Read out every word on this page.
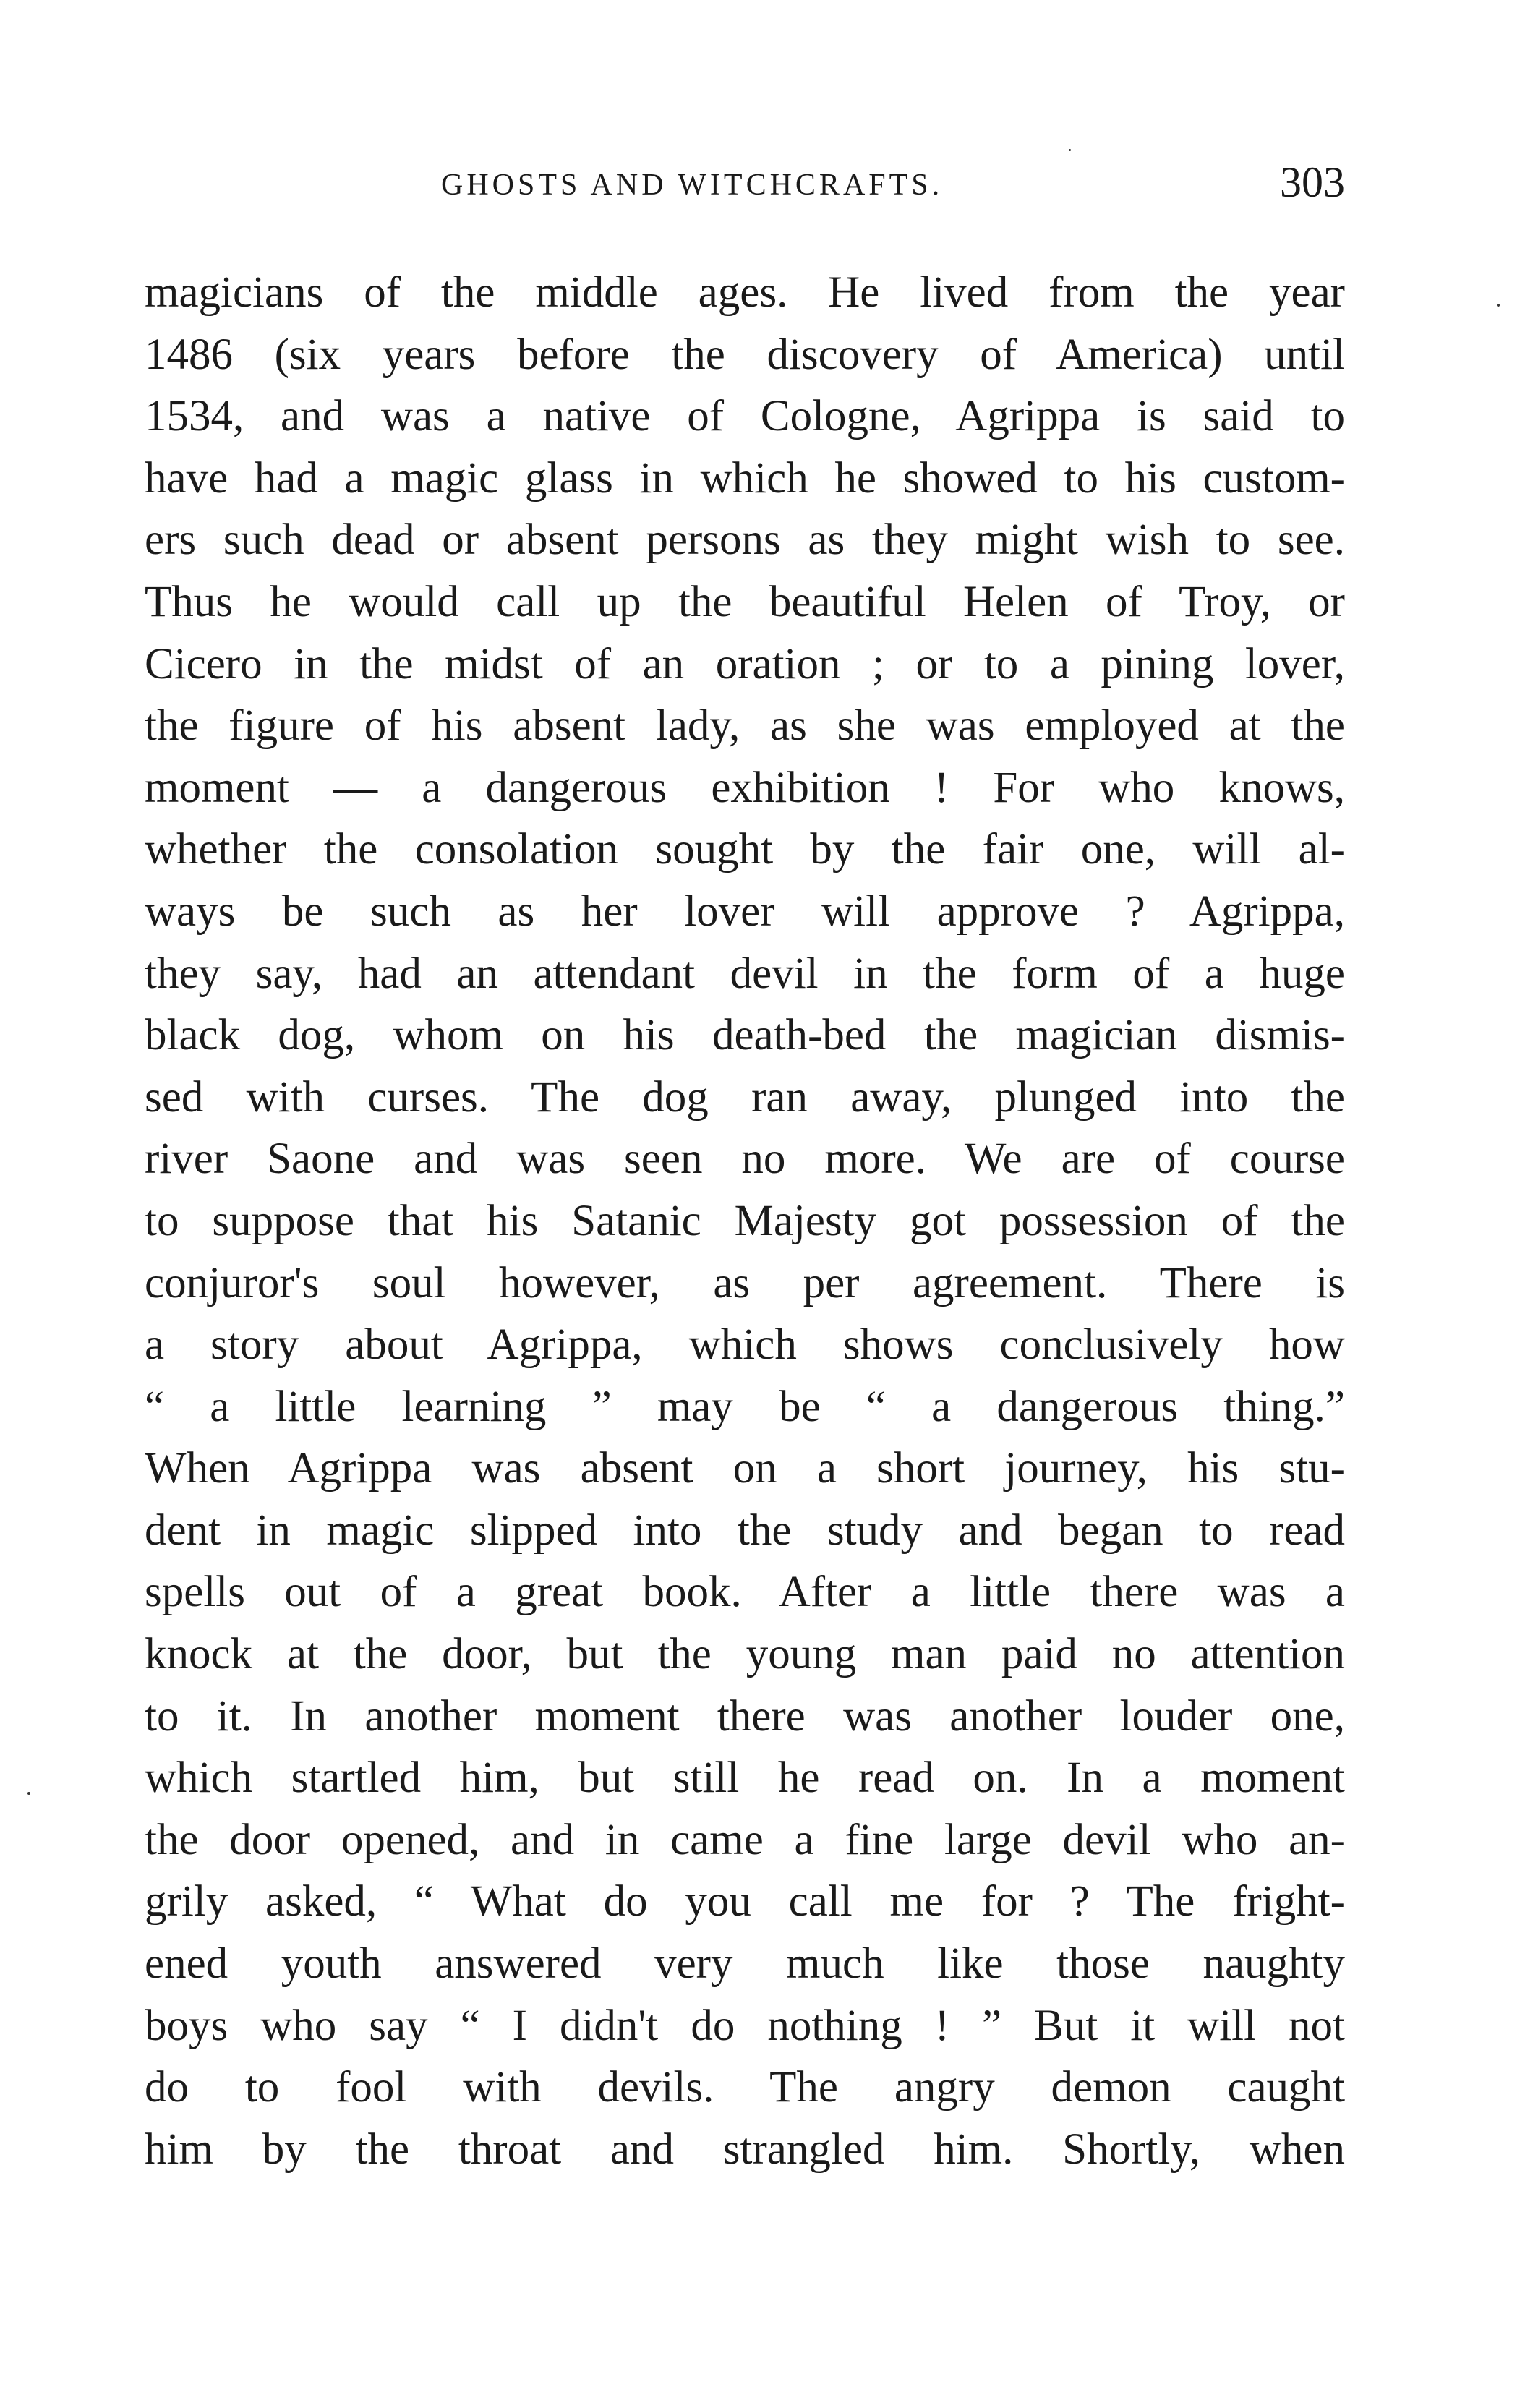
GHOSTS AND WITCHCRAFTS.	303
magicians of the middle ages. He lived from the year
1486 (six years before the discovery of America) until
1534, and was a native of Cologne, Agrippa is said to
have had a magic glass in which he showed to his custom-
ers such dead or absent persons as they might wish to see.
Thus he would call up the beautiful Helen of Troy, or
Cicero in the midst of an oration ; or to a pining lover,
the figure of his absent lady, as she was employed at the
moment — a dangerous exhibition ! For who knows,
whether the consolation sought by the fair one, will al-
ways be such as her lover will approve ? Agrippa,
they say, had an attendant devil in the form of a huge
black dog, whom on his death-bed the magician dismis-
sed with curses. The dog ran away, plunged into the
river Saone and was seen no more. We are of course
to suppose that his Satanic Majesty got possession of the
conjuror's soul however, as per agreement. There is
a story about Agrippa, which shows conclusively how
“ a little learning ” may be “ a dangerous thing.”
When Agrippa was absent on a short journey, his stu-
dent in magic slipped into the study and began to read
spells out of a great book. After a little there was a
knock at the door, but the young man paid no attention
to it. In another moment there was another louder one,
which startled him, but still he read on. In a moment
the door opened, and in came a fine large devil who an-
grily asked, “ What do you call me for ? The fright-
ened youth answered very much like those naughty
boys who say “ I didn't do nothing ! ” But it will not
do to fool with devils. The angry demon caught
him by the throat and strangled him. Shortly, when
